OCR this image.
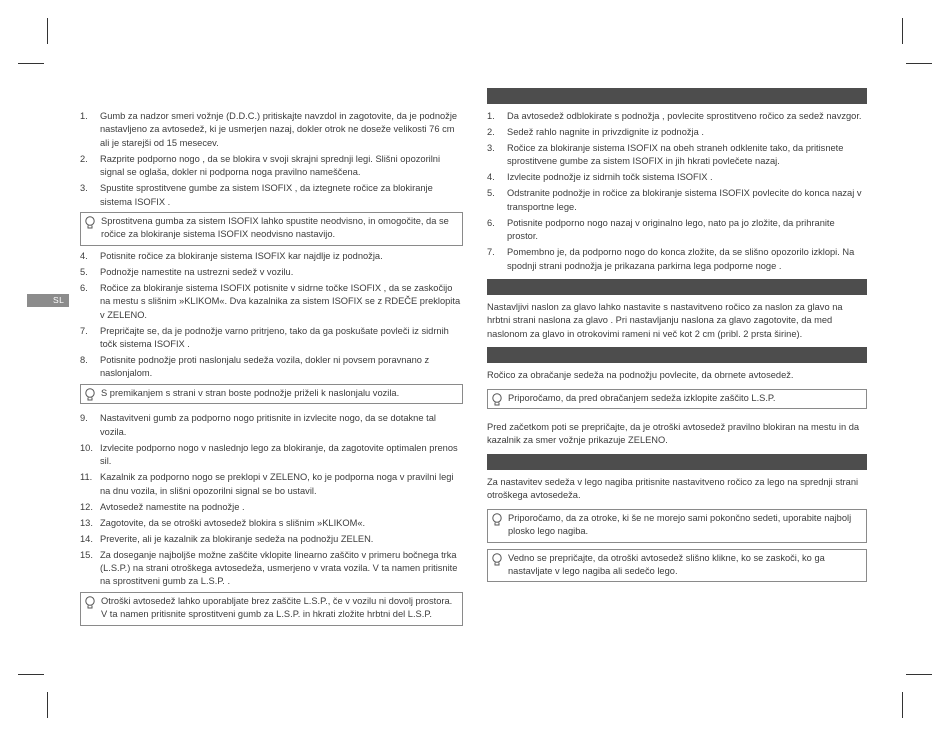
SL
1. Gumb za nadzor smeri vožnje (D.D.C.) pritiskajte navzdol in zagotovite, da je podnožje nastavljeno za avtosedež, ki je usmerjen nazaj, dokler otrok ne doseže velikosti 76 cm ali je starejši od 15 mesecev.
2. Razprite podporno nogo , da se blokira v svoji skrajni sprednji legi. Slišni opozorilni signal se oglaša, dokler ni podporna noga pravilno nameščena.
3. Spustite sprostitvene gumbe za sistem ISOFIX , da iztegnete ročice za blokiranje sistema ISOFIX .
Sprostitvena gumba za sistem ISOFIX lahko spustite neodvisno, in omogočite, da se ročice za blokiranje sistema ISOFIX neodvisno nastavijo.
4. Potisnite ročice za blokiranje sistema ISOFIX kar najdlje iz podnožja.
5. Podnožje namestite na ustrezni sedež v vozilu.
6. Ročice za blokiranje sistema ISOFIX potisnite v sidrne točke ISOFIX , da se zaskočijo na mestu s slišnim »KLIKOM«. Dva kazalnika za sistem ISOFIX se z RDEČE preklopita v ZELENO.
7. Prepričajte se, da je podnožje varno pritrjeno, tako da ga poskušate povleči iz sidrnih točk sistema ISOFIX .
8. Potisnite podnožje proti naslonjalu sedeža vozila, dokler ni povsem poravnano z naslonjalom.
S premikanjem s strani v stran boste podnožje priželi k naslonjalu vozila.
9. Nastavitveni gumb za podporno nogo pritisnite in izvlecite nogo, da se dotakne tal vozila.
10. Izvlecite podporno nogo v naslednjo lego za blokiranje, da zagotovite optimalen prenos sil.
11. Kazalnik za podporno nogo se preklopi v ZELENO, ko je podporna noga v pravilni legi na dnu vozila, in slišni opozorilni signal se bo ustavil.
12. Avtosedež namestite na podnožje .
13. Zagotovite, da se otroški avtosedež blokira s slišnim »KLIKOM«.
14. Preverite, ali je kazalnik za blokiranje sedeža na podnožju ZELEN.
15. Za doseganje najboljše možne zaščite vklopite linearno zaščito v primeru bočnega trka (L.S.P.) na strani otroškega avtosedeža, usmerjeno v vrata vozila. V ta namen pritisnite na sprostitveni gumb za L.S.P. .
Otroški avtosedež lahko uporabljate brez zaščite L.S.P., če v vozilu ni dovolj prostora. V ta namen pritisnite sprostitveni gumb za L.S.P. in hkrati zložite hrbtni del L.S.P.
1. Da avtosedež odblokirate s podnožja , povlecite sprostitveno ročico za sedež navzgor.
2. Sedež rahlo nagnite in privzdignite iz podnožja .
3. Ročice za blokiranje sistema ISOFIX na obeh straneh odklenite tako, da pritisnete sprostitvene gumbe za sistem ISOFIX in jih hkrati povlečete nazaj.
4. Izvlecite podnožje iz sidrnih točk sistema ISOFIX .
5. Odstranite podnožje in ročice za blokiranje sistema ISOFIX povlecite do konca nazaj v transportne lege.
6. Potisnite podporno nogo nazaj v originalno lego, nato pa jo zložite, da prihranite prostor.
7. Pomembno je, da podporno nogo do konca zložite, da se slišno opozorilo izklopi. Na spodnji strani podnožja je prikazana parkirna lega podporne noge .

Nastavljivi naslon za glavo lahko nastavite s nastavitveno ročico za naslon za glavo na hrbtni strani naslona za glavo . Pri nastavljanju naslona za glavo zagotovite, da med naslonom za glavo in otrokovimi rameni ni več kot 2 cm (pribl. 2 prsta širine).

Ročico za obračanje sedeža na podnožju povlecite, da obrnete avtosedež.

Priporočamo, da pred obračanjem sedeža izklopite zaščito L.S.P.

Pred začetkom poti se prepričajte, da je otroški avtosedež pravilno blokiran na mestu in da kazalnik za smer vožnje prikazuje ZELENO.

Za nastavitev sedeža v lego nagiba pritisnite nastavitveno ročico za lego na sprednji strani otroškega avtosedeža.

Priporočamo, da za otroke, ki še ne morejo sami pokončno sedeti, uporabite najbolj plosko lego nagiba.
Vedno se prepričajte, da otroški avtosedež slišno klikne, ko se zaskoči, ko ga nastavljate v lego nagiba ali sedečo lego.
